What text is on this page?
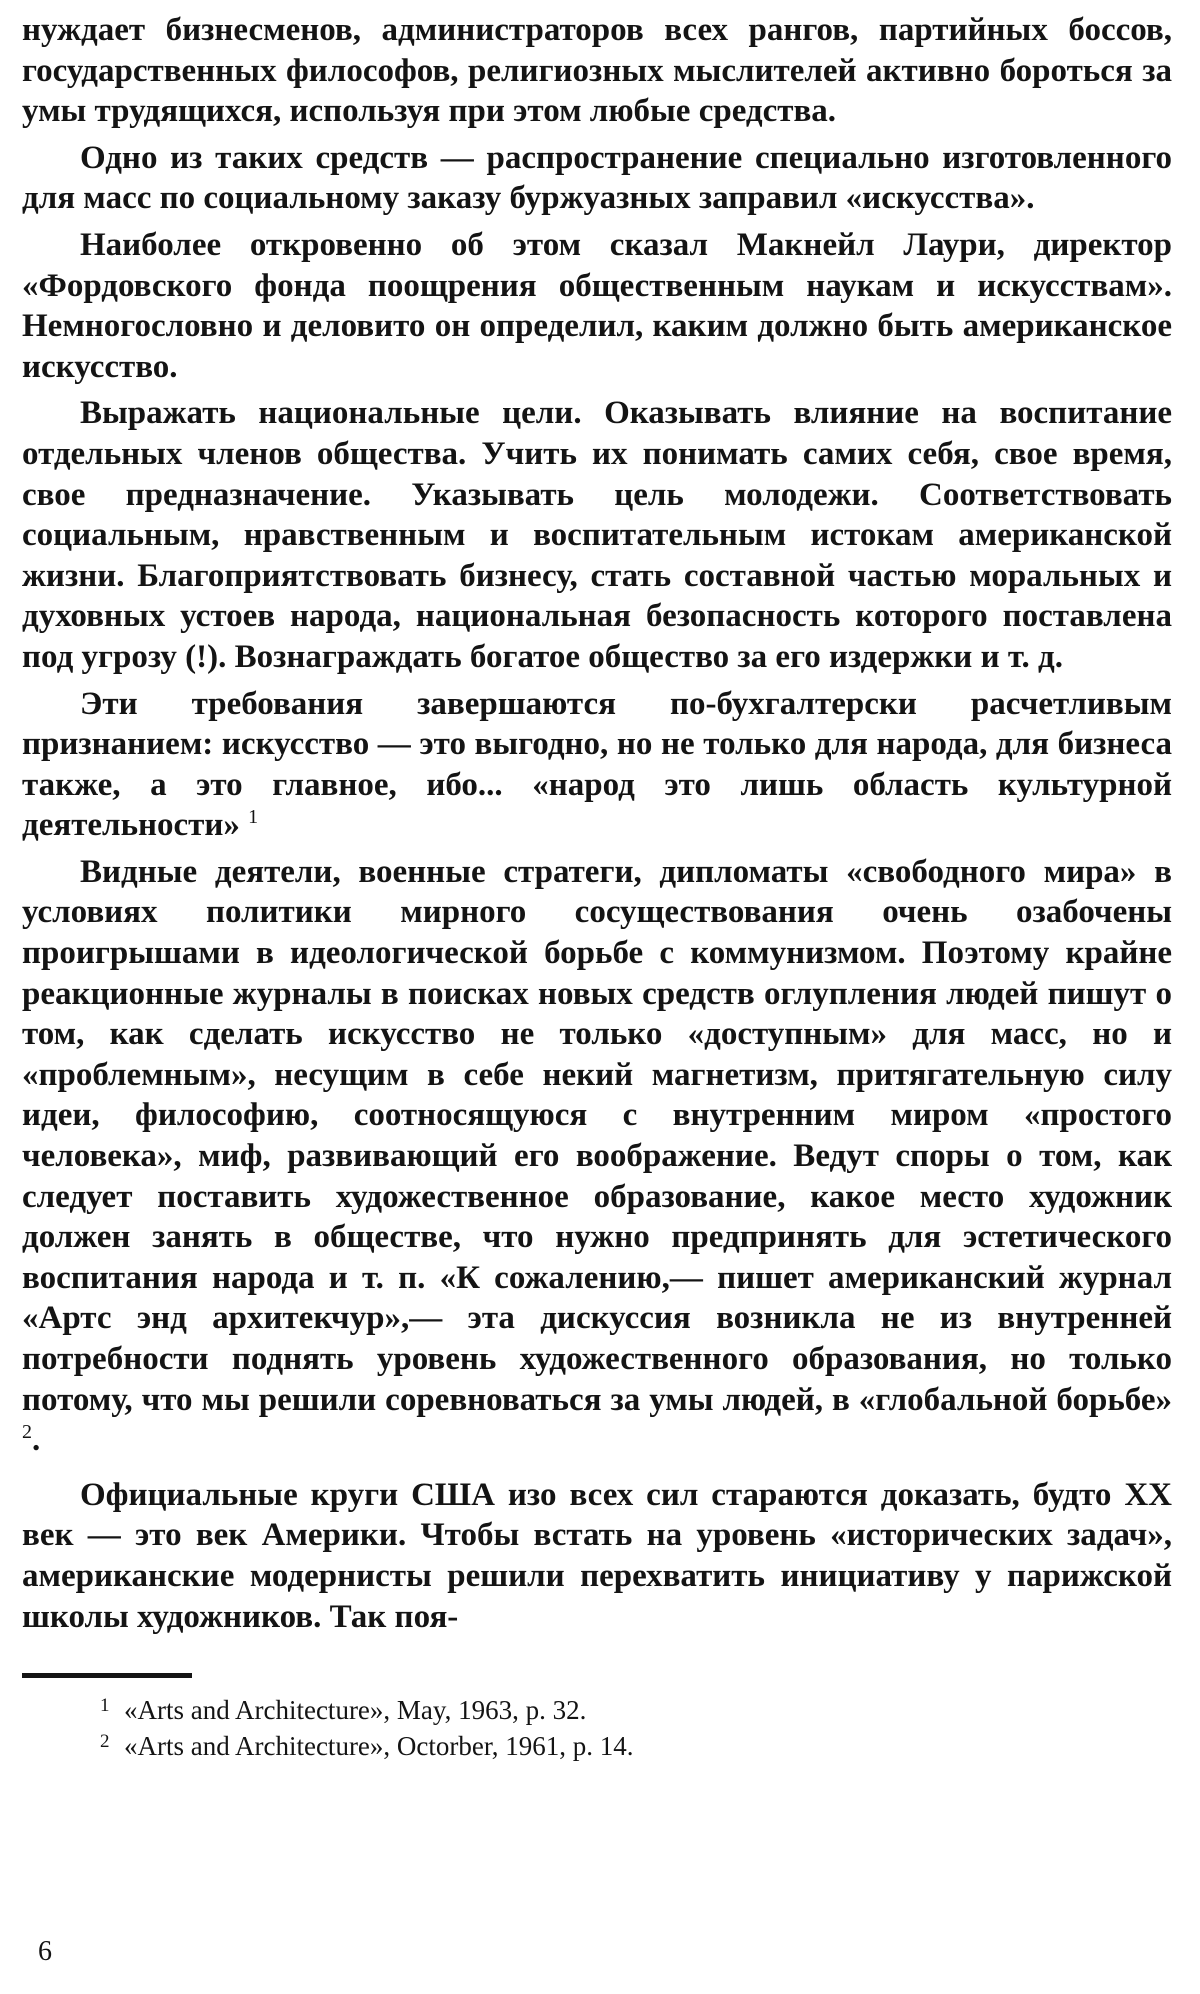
нуждает бизнесменов, администраторов всех рангов, партийных боссов, государственных философов, религиозных мыслителей активно бороться за умы трудящихся, используя при этом любые средства.

Одно из таких средств — распространение специально изготовленного для масс по социальному заказу буржуазных заправил «искусства».

Наиболее откровенно об этом сказал Макнейл Лаури, директор «Фордовского фонда поощрения общественным наукам и искусствам». Немногословно и деловито он определил, каким должно быть американское искусство.

Выражать национальные цели. Оказывать влияние на воспитание отдельных членов общества. Учить их понимать самих себя, свое время, свое предназначение. Указывать цель молодежи. Соответствовать социальным, нравственным и воспитательным истокам американской жизни. Благоприятствовать бизнесу, стать составной частью моральных и духовных устоев народа, национальная безопасность которого поставлена под угрозу (!). Вознаграждать богатое общество за его издержки и т. д.

Эти требования завершаются по-бухгалтерски расчетливым признанием: искусство — это выгодно, но не только для народа, для бизнеса также, а это главное, ибо... «народ это лишь область культурной деятельности» $^1$

Видные деятели, военные стратеги, дипломаты «свободного мира» в условиях политики мирного сосуществования очень озабочены проигрышами в идеологической борьбе с коммунизмом. Поэтому крайне реакционные журналы в поисках новых средств оглупления людей пишут о том, как сделать искусство не только «доступным» для масс, но и «проблемным», несущим в себе некий магнетизм, притягательную силу идеи, философию, соотносящуюся с внутренним миром «простого человека», миф, развивающий его воображение. Ведут споры о том, как следует поставить художественное образование, какое место художник должен занять в обществе, что нужно предпринять для эстетического воспитания народа и т. п. «К сожалению,— пишет американский журнал «Артс энд архитекчур»,— эта дискуссия возникла не из внутренней потребности поднять уровень художественного образования, но только потому, что мы решили соревноваться за умы людей, в «глобальной борьбе» $^2$.

Официальные круги США изо всех сил стараются доказать, будто XX век — это век Америки. Чтобы встать на уровень «исторических задач», американские модернисты решили перехватить инициативу у парижской школы художников. Так поя-

1 «Arts and Architecture», May, 1963, p. 32.
2 «Arts and Architecture», Octorber, 1961, p. 14.
6
